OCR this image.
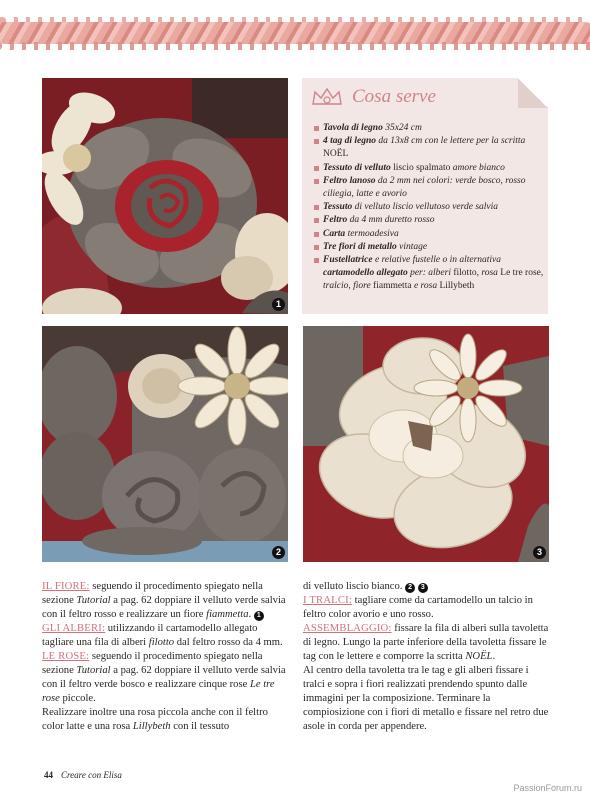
1
Cosa serve
Tavola di legno 35x24 cm
4 tag di legno da 13x8 cm con le lettere per la scritta NOËL
Tessuto di velluto liscio spalmato amore bianco
Feltro lanoso da 2 mm nei colori: verde bosco, rosso ciliegia, latte e avorio
Tessuto di velluto liscio vellutoso verde salvia
Feltro da 4 mm duretto rosso
Carta termoadesiva
Tre fiori di metallo vintage
Fustellatrice e relative fustelle o in alternativa cartamodello allegato per: alberi filotto, rosa Le tre rose, tralcio, fiore fiammetta e rosa Lillybeth
2	3

IL FIORE: seguendo il procedimento spiegato nella sezione Tutorial a pag. 62 doppiare il velluto verde salvia con il feltro rosso e realizzare un fiore fiammetta. 1

GLI ALBERI: utilizzando il cartamodello allegato tagliare una fila di alberi filotto dal feltro rosso da 4 mm.

LE ROSE: seguendo il procedimento spiegato nella sezione Tutorial a pag. 62 doppiare il velluto verde salvia con il feltro verde bosco e realizzare cinque rose Le tre rose piccole.

Realizzare inoltre una rosa piccola anche con il feltro color latte e una rosa Lillybeth con il tessuto

di velluto liscio bianco. 2 3

I TRALCI: tagliare come da cartamodello un talcio in feltro color avorio e uno rosso.

ASSEMBLAGGIO: fissare la fila di alberi sulla tavoletta di legno. Lungo la parte inferiore della tavoletta fissare le tag con le lettere e comporre la scritta NOËL.

Al centro della tavoletta tra le tag e gli alberi fissare i tralci e sopra i fiori realizzati prendendo spunto dalle immagini per la composizione. Terminare la compiosizione con i fiori di metallo e fissare nel retro due asole in corda per appendere.

44 Creare con Elisa
PassionForum.ru
